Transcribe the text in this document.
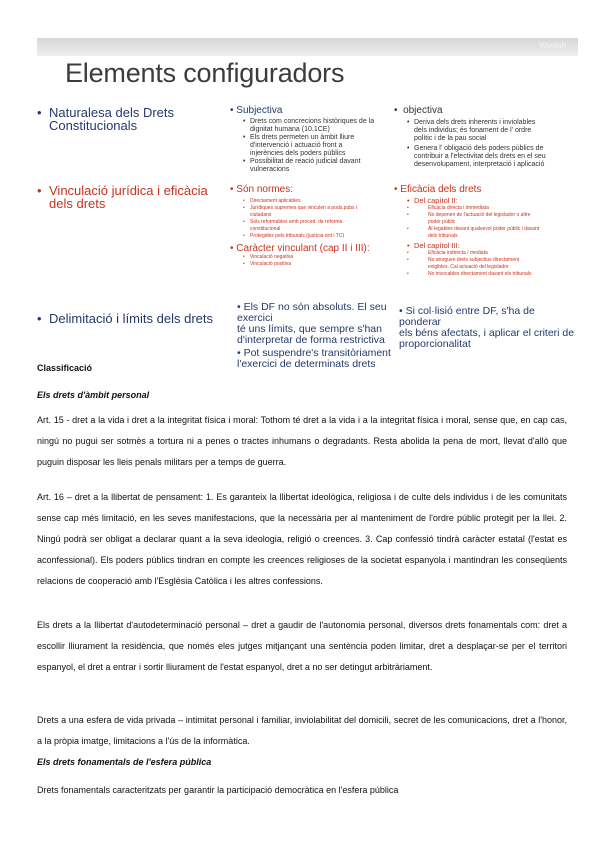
Wuolah
Elements configuradors
• Naturalesa dels Drets
Constitucionals
• Vinculació jurídica i eficàcia
dels drets
• Delimitació i límits dels drets
• Subjectiva
• Drets com concrecions històriques de la
dignitat humana (10.1CE)
• Els drets permeten un àmbit lliure
d'intervenció i actuació front a
injerències dels poders públics
• Possibilitat de reació judicial davant
vulneracions
•  objectiva
• Deriva dels drets inherents i inviolables
dels individus; és fonament de l' ordre
polític i de la pau social
• Genera l' obligació dels poders públics de
contribuir a l'efectivitat dels drets en el seu
desenvolupament, interpretació i aplicació
• Són normes:
• Directament aplicables
• Jurídiques supremes que vinculen a pods.pubs i
ciutadans
• Sols reformables amb proced. de reforma
constitucional
• Protegides pels tribunals (justícia ord i TC)
• Caràcter vinculant (cap II i III):
• Vinculació negativa
• Vinculació positiva
• Eficàcia dels drets
• Del capítol II:
• Eficàcia directa i immediata
• No depenen de l'actuació del legislador o altre
poder públic
• Al·legables davant qualsevol poder públic i davant
dels tribunals
• Del capítol III:
• Eficàcia indirecta / mediata
• No atorguen drets subjectius directament
exigibles. Cal actuació del legislador
• No invocables directament davant els tribunals
• Els DF no són absoluts. El seu exercici
té uns límits, que sempre s'han
d'interpretar de forma restrictiva
• Pot suspendre's transitòriament
l'exercici de determinats drets
• Si col·lisió entre DF, s'ha de ponderar
els béns afectats, i aplicar el criteri de
proporcionalitat
Classificació
Els drets d'àmbit personal
Art. 15 - dret a la vida i dret a la integritat física i moral: Tothom té dret a la vida i a la integritat física i moral, sense que, en cap cas, ningú no pugui ser sotmès a tortura ni a penes o tractes inhumans o degradants. Resta abolida la pena de mort, llevat d'allò que puguin disposar les lleis penals militars per a temps de guerra.
Art. 16 – dret a la llibertat de pensament: 1. Es garanteix la llibertat ideològica, religiosa i de culte dels individus i de les comunitats sense cap més limitació, en les seves manifestacions, que la necessària per al manteniment de l'ordre públic protegit per la llei. 2. Ningú podrà ser obligat a declarar quant a la seva ideologia, religió o creences. 3. Cap confessió tindrà caràcter estatal (l'estat es aconfessional). Els poders públics tindran en compte les creences religioses de la societat espanyola i mantindran les conseqüents relacions de cooperació amb l'Església Catòlica i les altres confessions.
Els drets a la llibertat d'autodeterminació personal – dret a gaudir de l'autonomia personal, diversos drets fonamentals com: dret a escollir lliurament la residència, que només eles jutges mitjançant una sentència poden limitar, dret a desplaçar-se per el territori espanyol, el dret a entrar i sortir lliurament de l'estat espanyol, dret a no ser detingut arbitràriament.
Drets a una esfera de vida privada – intimitat personal i familiar, inviolabilitat del domicili, secret de les comunicacions, dret a l'honor, a la pròpia imatge, limitacions a l'ús de la informàtica.
Els drets fonamentals de l'esfera pública
Drets fonamentals caracteritzats per garantir la participació democràtica en l'esfera pública
